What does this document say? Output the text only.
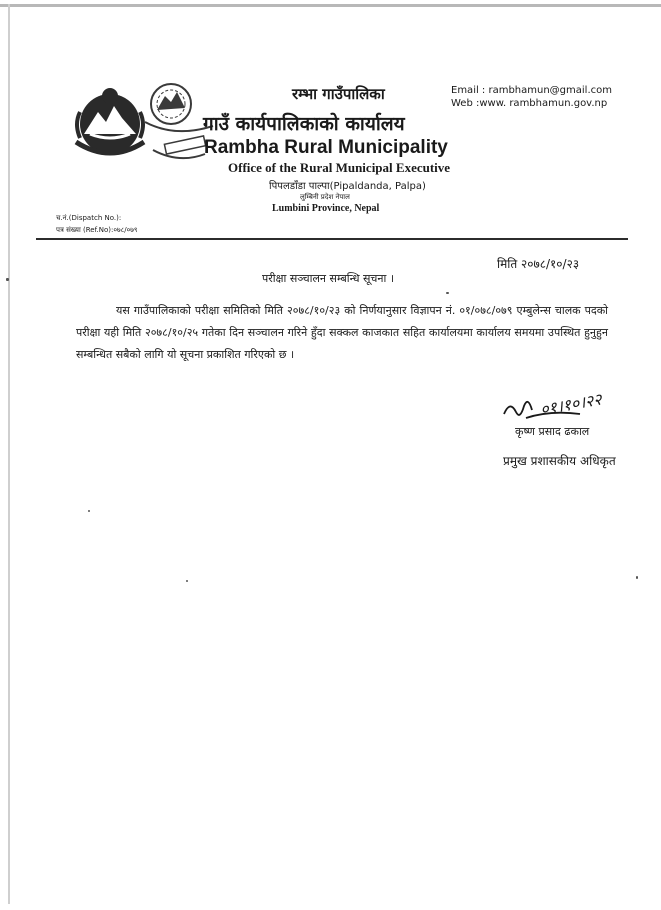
रम्भा गाउँपालिका
गाउँ कार्यपालिकाको कार्यालय
Rambha Rural Municipality
Office of the Rural Municipal Executive
पिपलडाँडा पाल्पा(Pipaldanda, Palpa)
लुम्बिनी प्रदेश नेपाल
Lumbini Province, Nepal
Email : rambhamun@gmail.com
Web :www. rambhamun.gov.np
च.नं.(Dispatch No.):
पत्र संख्या (Ref.No):०७८/०७९
मिति २०७८/१०/२३
परीक्षा सञ्चालन सम्बन्धि सूचना ।
यस गाउँपालिकाको परीक्षा समितिको मिति २०७८/१०/२३ को निर्णयानुसार विज्ञापन नं. ०१/०७८/०७९ एम्बुलेन्स चालक पदको परीक्षा यही मिति २०७८/१०/२५ गतेका दिन सञ्चालन गरिने हुँदा सक्कल काजकात सहित कार्यालयमा कार्यालय समयमा उपस्थित हुनुहुन सम्बन्धित सबैको लागि यो सूचना प्रकाशित गरिएको छ ।
०१।१०।२२
कृष्ण प्रसाद ढकाल
प्रमुख प्रशासकीय अधिकृत
